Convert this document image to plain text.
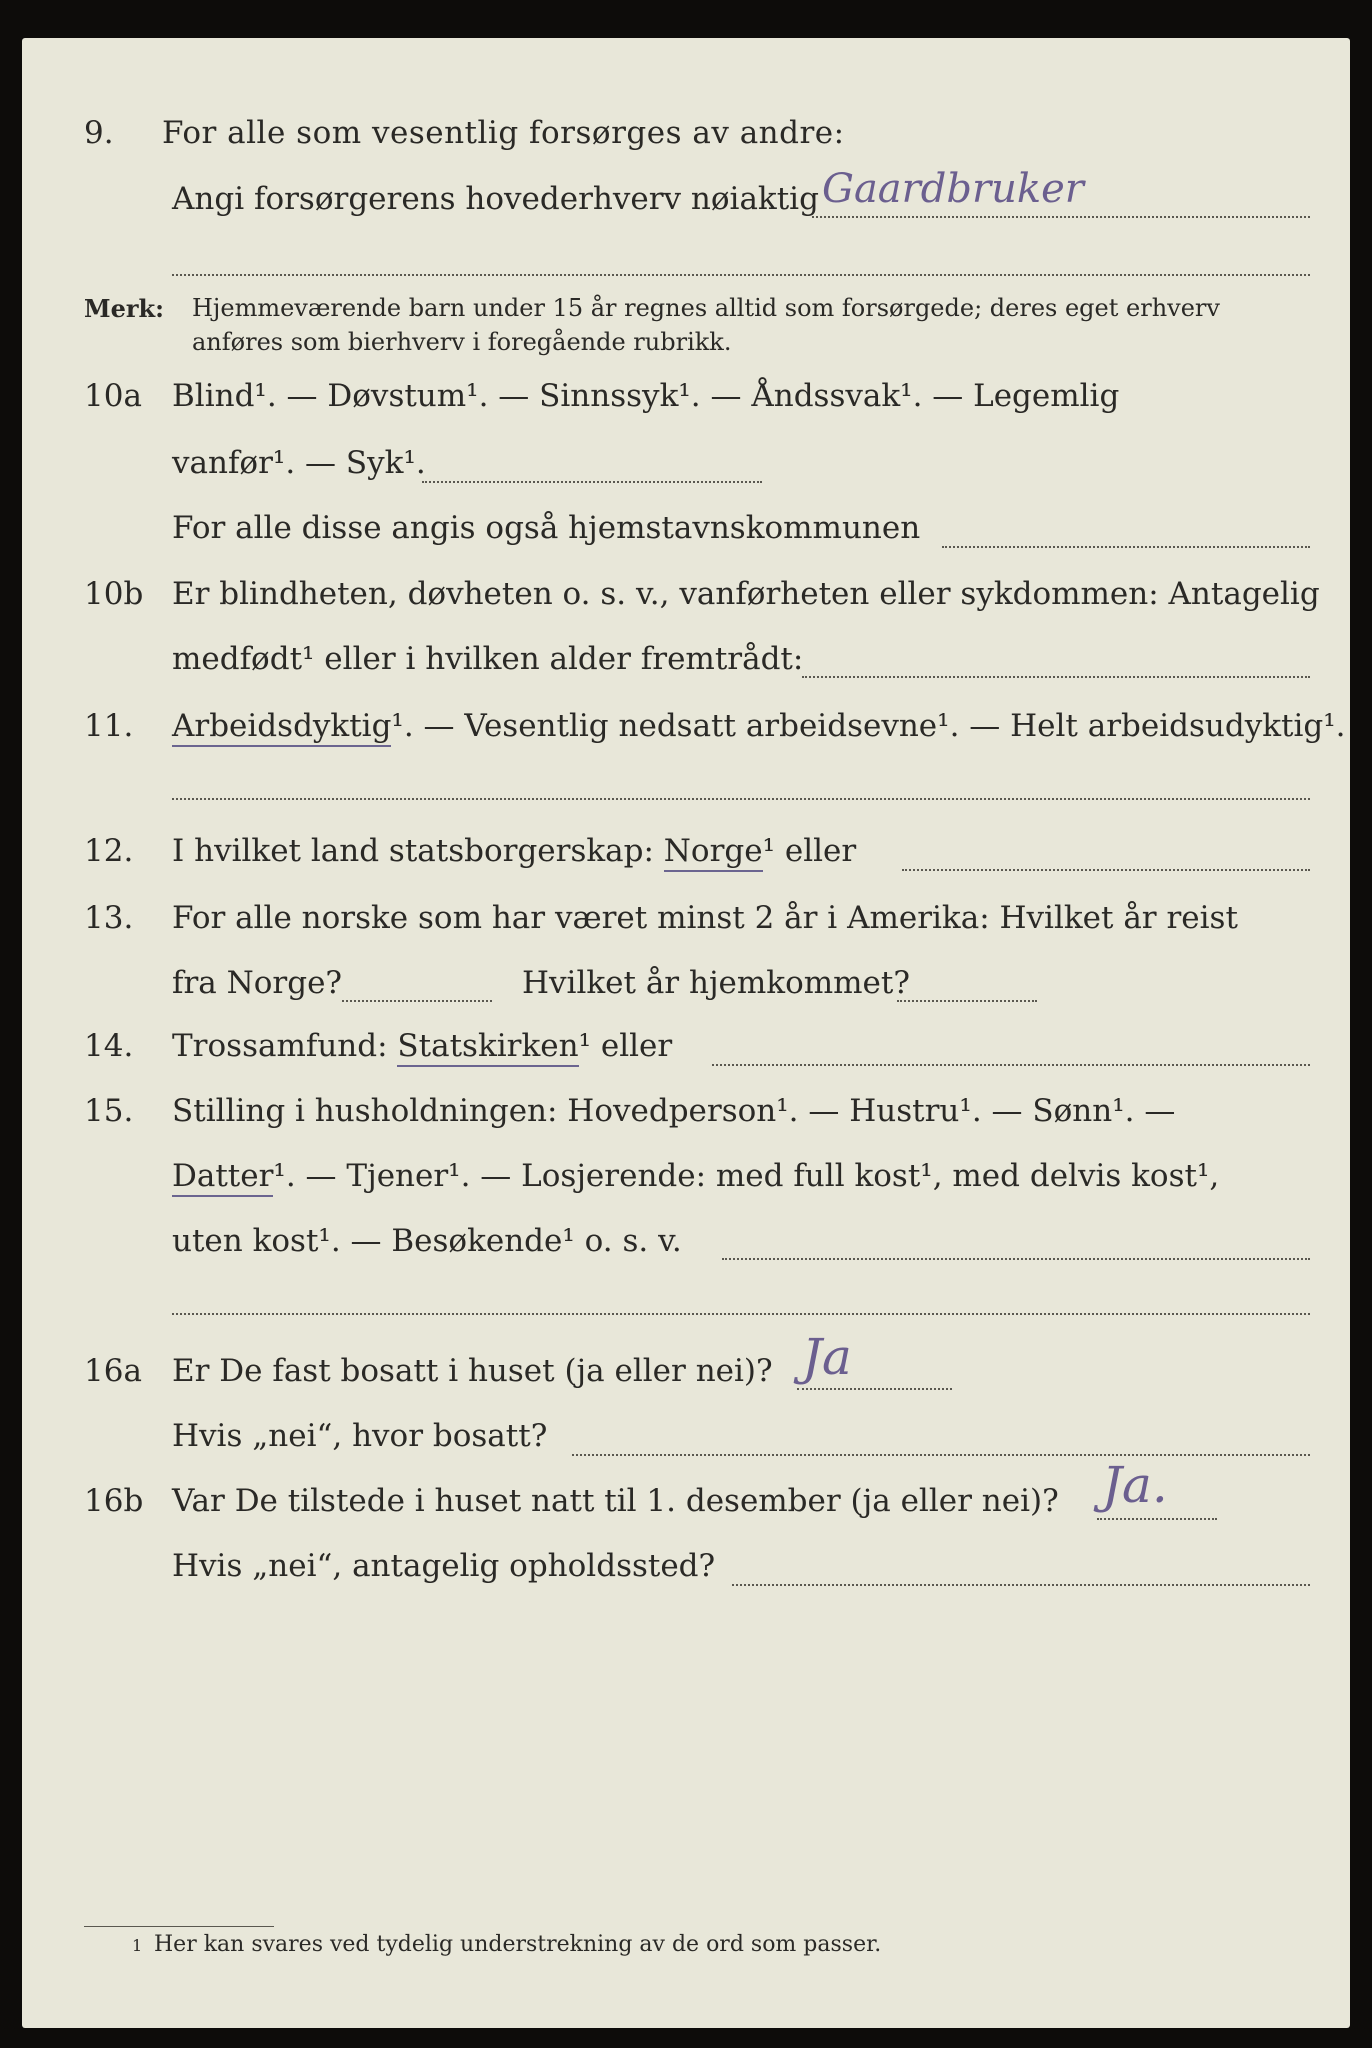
9. For alle som vesentlig forsørges av andre:
Angi forsørgerens hovederhverv nøiaktig Gaardbruker
Merk: Hjemmeværende barn under 15 år regnes alltid som forsørgede; deres eget erhverv
anføres som bierhverv i foregående rubrikk.
10a Blind¹. — Døvstum¹. — Sinnssyk¹. — Åndssvak¹. — Legemlig
vanfør¹. — Syk¹.
For alle disse angis også hjemstavnskommunen
10b Er blindheten, døvheten o. s. v., vanførheten eller sykdommen: Antagelig
medfødt¹ eller i hvilken alder fremtrådt:
11. Arbeidsdyktig¹. — Vesentlig nedsatt arbeidsevne¹. — Helt arbeidsudyktig¹.
12. I hvilket land statsborgerskap: Norge¹ eller
13. For alle norske som har været minst 2 år i Amerika: Hvilket år reist
fra Norge?	Hvilket år hjemkommet?
14. Trossamfund: Statskirken¹ eller
15. Stilling i husholdningen: Hovedperson¹. — Hustru¹. — Sønn¹. —
Datter¹. — Tjener¹. — Losjerende: med full kost¹, med delvis kost¹,
uten kost¹. — Besøkende¹ o. s. v.
16a Er De fast bosatt i huset (ja eller nei)? Ja
Hvis „nei“, hvor bosatt?
16b Var De tilstede i huset natt til 1. desember (ja eller nei)? Ja.
Hvis „nei“, antagelig opholdssted?
1 Her kan svares ved tydelig understrekning av de ord som passer.
